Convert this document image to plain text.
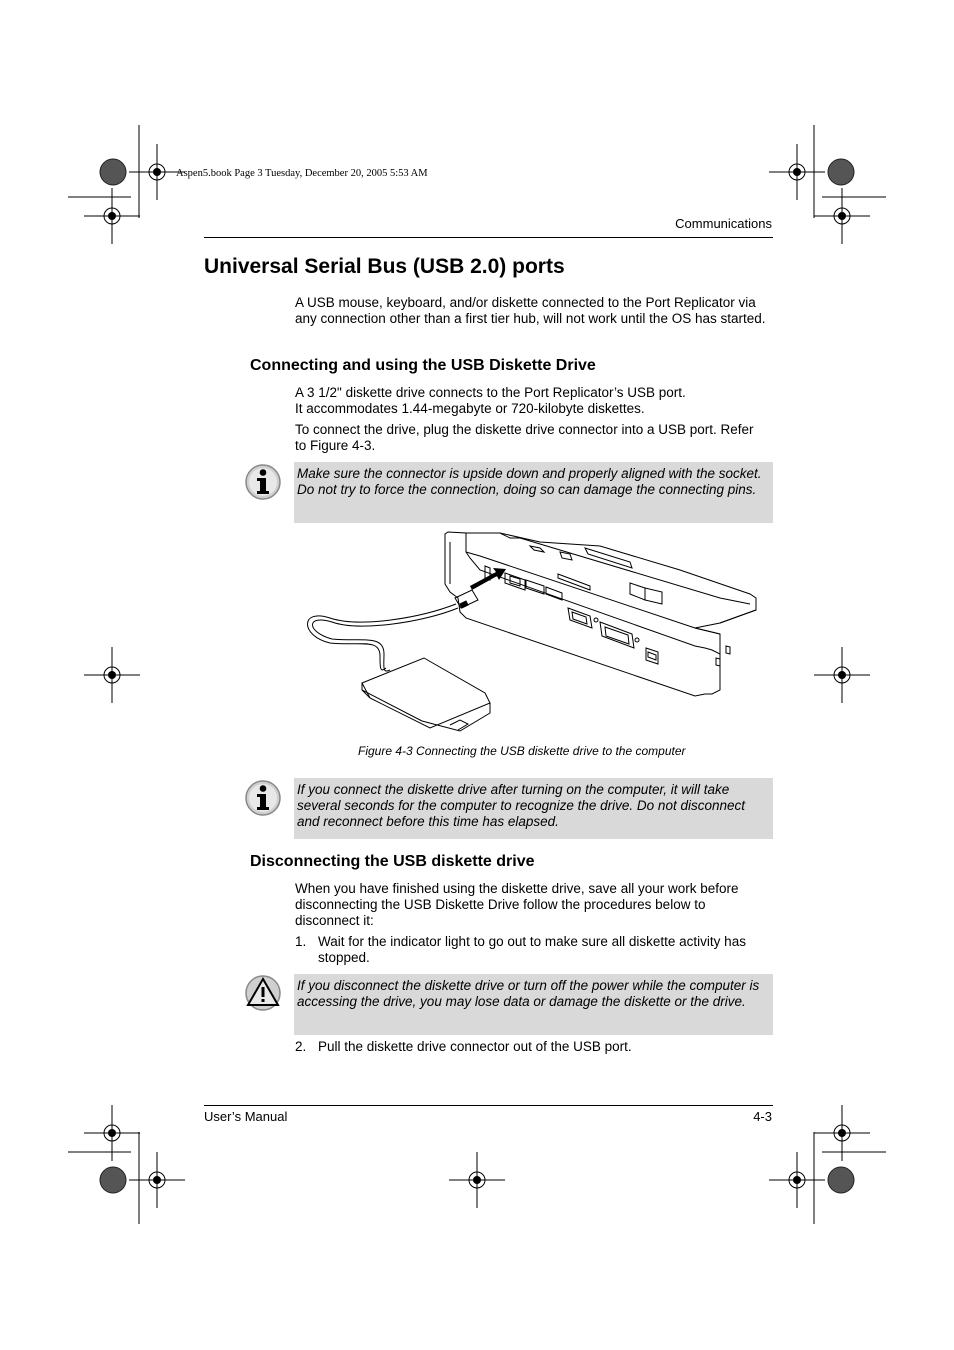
Aspen5.book Page 3 Tuesday, December 20, 2005 5:53 AM
Communications
Universal Serial Bus (USB 2.0) ports

A USB mouse, keyboard, and/or diskette connected to the Port Replicator via any connection other than a first tier hub, will not work until the OS has started.

Connecting and using the USB Diskette Drive

A 3 1/2" diskette drive connects to the Port Replicator’s USB port.

It accommodates 1.44-megabyte or 720-kilobyte diskettes.

To connect the drive, plug the diskette drive connector into a USB port. Refer to Figure 4-3.

Make sure the connector is upside down and properly aligned with the socket. Do not try to force the connection, doing so can damage the connecting pins.
Figure 4-3 Connecting the USB diskette drive to the computer
If you connect the diskette drive after turning on the computer, it will take several seconds for the computer to recognize the drive. Do not disconnect and reconnect before this time has elapsed.
Disconnecting the USB diskette drive

When you have finished using the diskette drive, save all your work before disconnecting the USB Diskette Drive follow the procedures below to disconnect it:

1. Wait for the indicator light to go out to make sure all diskette activity has stopped.
If you disconnect the diskette drive or turn off the power while the computer is accessing the drive, you may lose data or damage the diskette or the drive.
2. Pull the diskette drive connector out of the USB port.
User’s Manual	4-3
